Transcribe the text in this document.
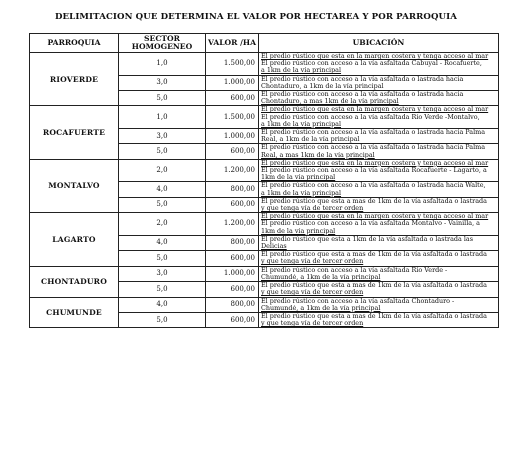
DELIMITACION QUE DETERMINA EL VALOR POR HECTAREA Y POR PARROQUIA
PARROQUIA	SECTOR HOMOGENEO	VALOR /HA	UBICACIÓN
RIOVERDE	1,0	1.500,00	El predio rústico que esta en la margen costera y tenga acceso al mar
El predio rústico con acceso a la vía asfaltada Cabuyal - Rocafuerte,
a 1km de la vía principal

	3,0	1.000,00	El predio rústico con acceso a la vía asfaltada o lastrada hacia
Chontaduro, a 1km de la vía principal

	5,0	600,00	El predio rústico con acceso a la vía asfaltada o lastrada hacia
Chontaduro, a mas 1km de la vía principal

ROCAFUERTE	1,0	1.500,00	El predio rústico que esta en la margen costera y tenga acceso al mar
El predio rústico con acceso a la vía asfaltada Río Verde -Montalvo,
a 1km de la vía principal

	3,0	1.000,00	El predio rústico con acceso a la vía asfaltada o lastrada hacia Palma
Real, a 1km de la vía principal

	5,0	600,00	El predio rústico con acceso a la vía asfaltada o lastrada hacia Palma
Real, a mas 1km de la vía principal

MONTALVO	2,0	1.200,00	El predio rústico que esta en la margen costera y tenga acceso al mar
El predio rústico con acceso a la vía asfaltada Rocafuerte - Lagarto, a
1km de la vía principal

	4,0	800,00	El predio rústico con acceso a la vía asfaltada o lastrada hacia Walte,
a 1km de la vía principal

	5,0	600,00	El predio rústico que esta a mas de 1km de la vía asfaltada o lastrada
y que tenga vía de tercer orden

LAGARTO	2,0	1.200,00	El predio rústico que esta en la margen costera y tenga acceso al mar
El predio rústico con acceso a la vía asfaltada Montalvo - Vainilla, a
1km de la vía principal

	4,0	800,00	El predio rústico que esta a 1km de la vía asfaltada o lastrada las
Delicias

	5,0	600,00	El predio rústico que esta a mas de 1km de la vía asfaltada o lastrada
y que tenga vía de tercer orden

CHONTADURO	3,0	1.000,00	El predio rústico con acceso a la vía asfaltada Río Verde -
Chumundé, a 1km de la vía principal

	5,0	600,00	El predio rústico que esta a mas de 1km de la vía asfaltada o lastrada
y que tenga vía de tercer orden

CHUMUNDE	4,0	800,00	El predio rústico con acceso a la vía asfaltada Chontaduro -
Chumundé, a 1km de la vía principal

	5,0	600,00	El predio rústico que esta a mas de 1km de la vía asfaltada o lastrada
y que tenga vía de tercer orden
